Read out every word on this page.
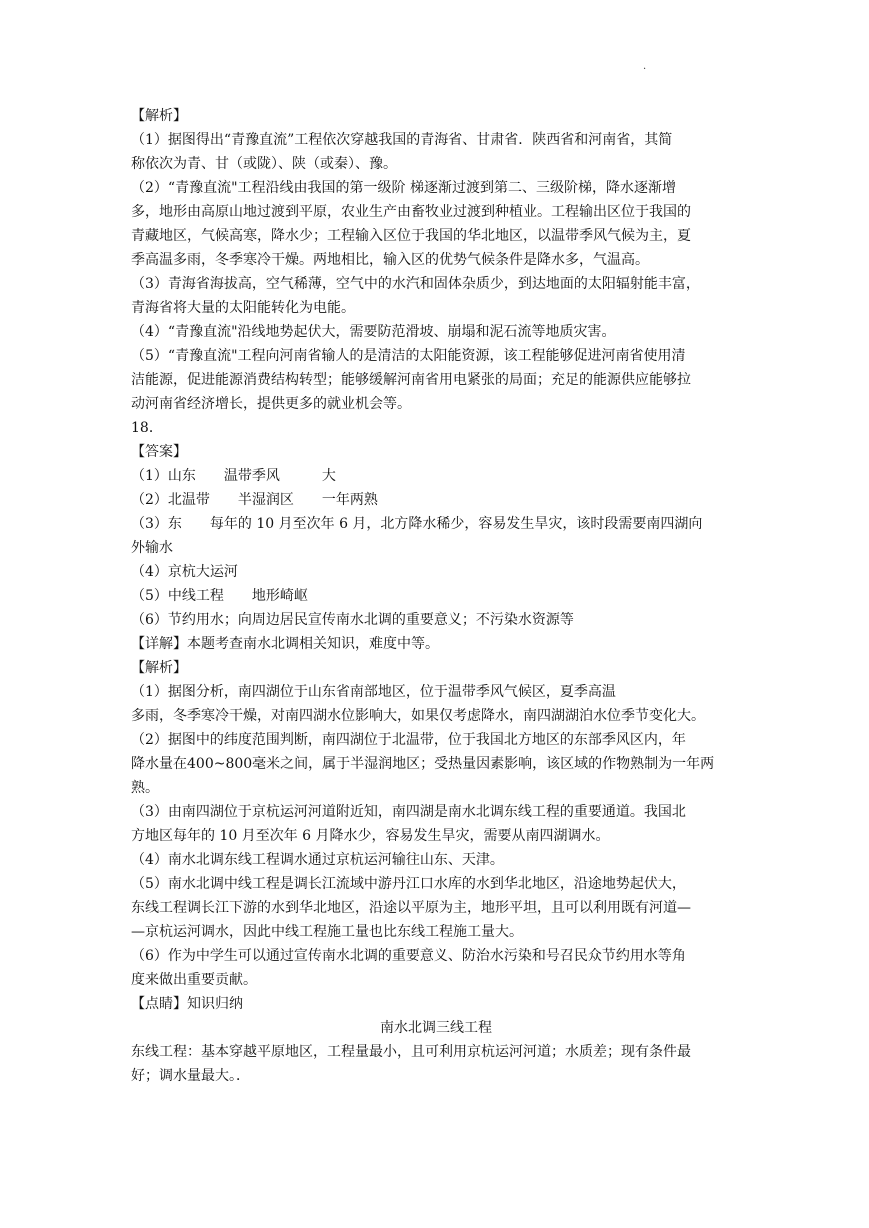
.
【解析】
（1）据图得出“青豫直流”工程依次穿越我国的青海省、甘肃省．陕西省和河南省，其简
称依次为青、甘（或陇）、陕（或秦）、豫。
（2）“青豫直流"工程沿线由我国的第一级阶 梯逐渐过渡到第二、三级阶梯，降水逐渐增
多，地形由高原山地过渡到平原，农业生产由畜牧业过渡到种植业。工程输出区位于我国的
青藏地区，气候高寒，降水少；工程输入区位于我国的华北地区，以温带季风气候为主，夏
季高温多雨，冬季寒冷干燥。两地相比，输入区的优势气候条件是降水多，气温高。
（3）青海省海拔高，空气稀薄，空气中的水汽和固体杂质少，到达地面的太阳辐射能丰富，
青海省将大量的太阳能转化为电能。
（4）“青豫直流"沿线地势起伏大，需要防范滑坡、崩塌和泥石流等地质灾害。
（5）“青豫直流"工程向河南省输人的是清洁的太阳能资源，该工程能够促进河南省使用清
洁能源，促进能源消费结构转型；能够缓解河南省用电紧张的局面；充足的能源供应能够拉
动河南省经济增长，提供更多的就业机会等。
18．
【答案】
（1）山东　　温带季风　　　大
（2）北温带　　半湿润区　　一年两熟
（3）东　　每年的 10 月至次年 6 月，北方降水稀少，容易发生旱灾，该时段需要南四湖向
外输水
（4）京杭大运河
（5）中线工程　　地形崎岖
（6）节约用水；向周边居民宣传南水北调的重要意义；不污染水资源等
【详解】本题考查南水北调相关知识，难度中等。
【解析】
（1）据图分析，南四湖位于山东省南部地区，位于温带季风气候区，夏季高温
多雨，冬季寒冷干燥，对南四湖水位影响大，如果仅考虑降水，南四湖湖泊水位季节变化大。
（2）据图中的纬度范围判断，南四湖位于北温带，位于我国北方地区的东部季风区内，年
降水量在400~800毫米之间，属于半湿润地区；受热量因素影响，该区域的作物熟制为一年两
熟。
（3）由南四湖位于京杭运河河道附近知，南四湖是南水北调东线工程的重要通道。我国北
方地区每年的 10 月至次年 6 月降水少，容易发生旱灾，需要从南四湖调水。
（4）南水北调东线工程调水通过京杭运河输往山东、天津。
（5）南水北调中线工程是调长江流域中游丹江口水库的水到华北地区，沿途地势起伏大，
东线工程调长江下游的水到华北地区，沿途以平原为主，地形平坦，且可以利用既有河道—
—京杭运河调水，因此中线工程施工量也比东线工程施工量大。
（6）作为中学生可以通过宣传南水北调的重要意义、防治水污染和号召民众节约用水等角
度来做出重要贡献。
【点睛】知识归纳
南水北调三线工程
东线工程：基本穿越平原地区，工程量最小，且可利用京杭运河河道；水质差；现有条件最
好；调水量最大。．
